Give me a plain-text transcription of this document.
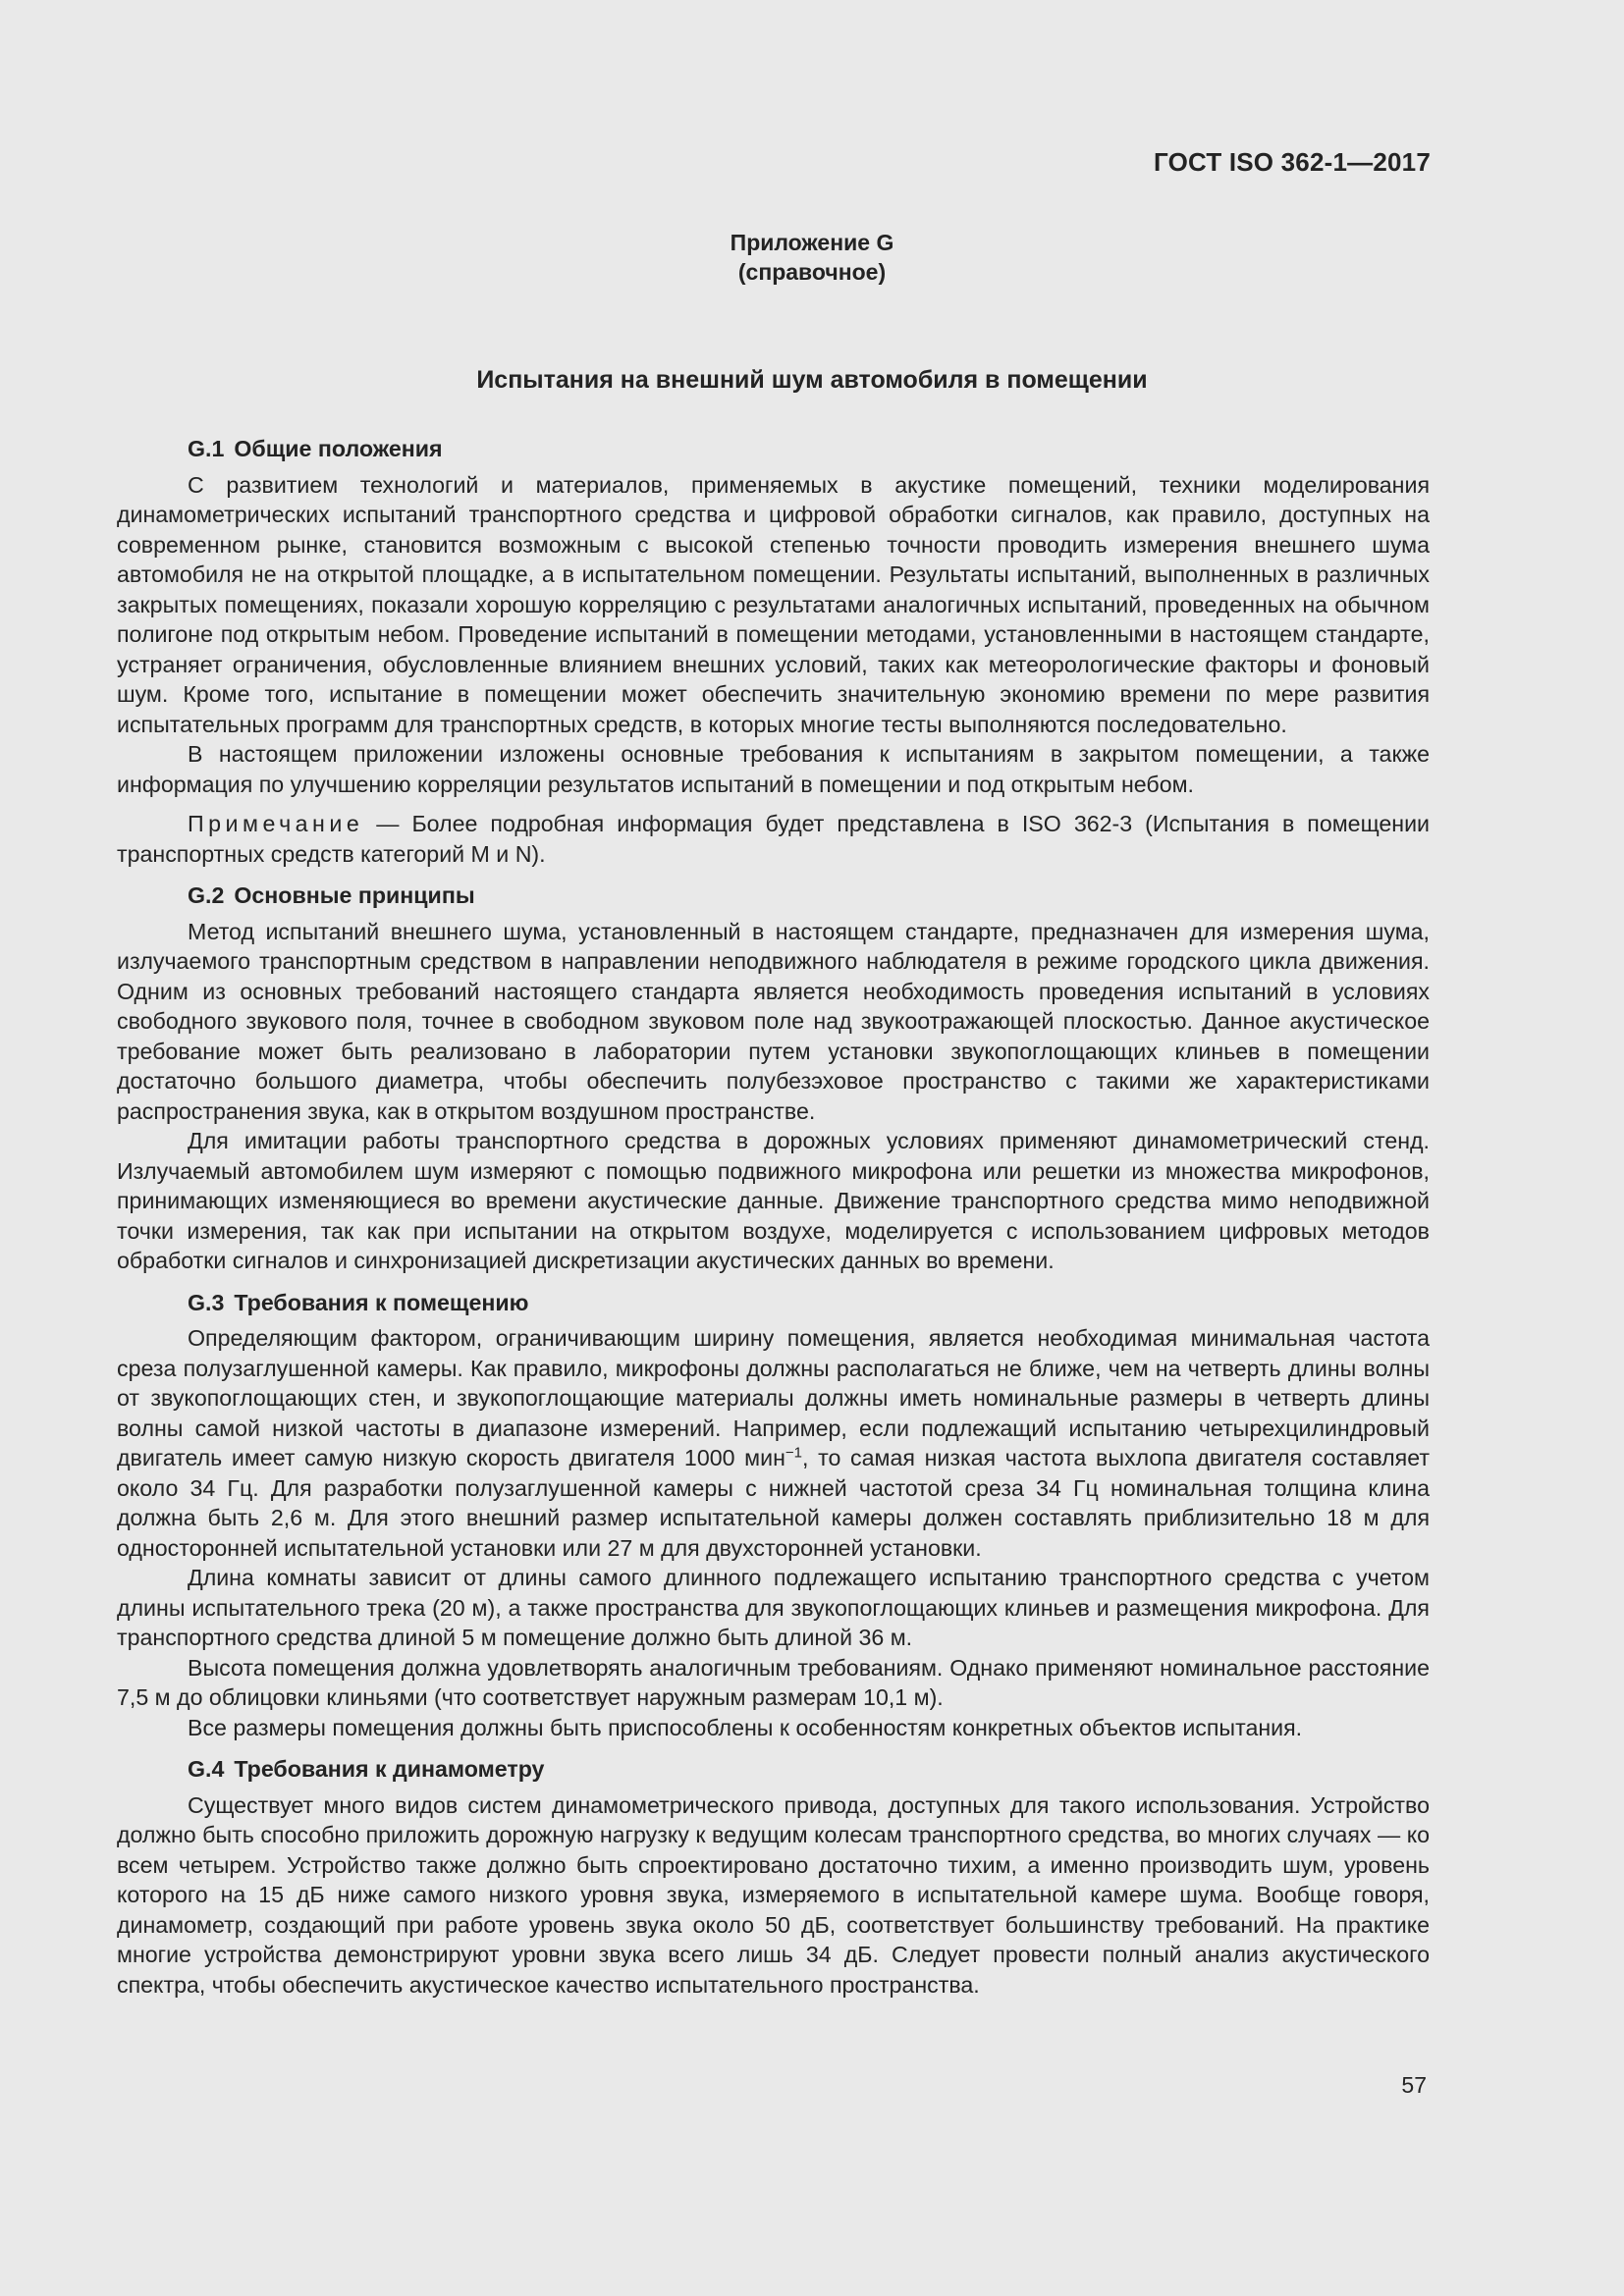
ГОСТ ISO 362-1—2017
Приложение G
(справочное)
Испытания на внешний шум автомобиля в помещении
G.1 Общие положения

С развитием технологий и материалов, применяемых в акустике помещений, техники моделирования динамометрических испытаний транспортного средства и цифровой обработки сигналов, как правило, доступных на современном рынке, становится возможным с высокой степенью точности проводить измерения внешнего шума автомобиля не на открытой площадке, а в испытательном помещении. Результаты испытаний, выполненных в различных закрытых помещениях, показали хорошую корреляцию с результатами аналогичных испытаний, проведенных на обычном полигоне под открытым небом. Проведение испытаний в помещении методами, установленными в настоящем стандарте, устраняет ограничения, обусловленные влиянием внешних условий, таких как метеорологические факторы и фоновый шум. Кроме того, испытание в помещении может обеспечить значительную экономию времени по мере развития испытательных программ для транспортных средств, в которых многие тесты выполняются последовательно.

В настоящем приложении изложены основные требования к испытаниям в закрытом помещении, а также информация по улучшению корреляции результатов испытаний в помещении и под открытым небом.

Примечание — Более подробная информация будет представлена в ISO 362-3 (Испытания в помещении транспортных средств категорий M и N).

G.2 Основные принципы

Метод испытаний внешнего шума, установленный в настоящем стандарте, предназначен для измерения шума, излучаемого транспортным средством в направлении неподвижного наблюдателя в режиме городского цикла движения. Одним из основных требований настоящего стандарта является необходимость проведения испытаний в условиях свободного звукового поля, точнее в свободном звуковом поле над звукоотражающей плоскостью. Данное акустическое требование может быть реализовано в лаборатории путем установки звукопоглощающих клиньев в помещении достаточно большого диаметра, чтобы обеспечить полубезэховое пространство с такими же характеристиками распространения звука, как в открытом воздушном пространстве.

Для имитации работы транспортного средства в дорожных условиях применяют динамометрический стенд. Излучаемый автомобилем шум измеряют с помощью подвижного микрофона или решетки из множества микрофонов, принимающих изменяющиеся во времени акустические данные. Движение транспортного средства мимо неподвижной точки измерения, так как при испытании на открытом воздухе, моделируется с использованием цифровых методов обработки сигналов и синхронизацией дискретизации акустических данных во времени.

G.3 Требования к помещению

Определяющим фактором, ограничивающим ширину помещения, является необходимая минимальная частота среза полузаглушенной камеры. Как правило, микрофоны должны располагаться не ближе, чем на четверть длины волны от звукопоглощающих стен, и звукопоглощающие материалы должны иметь номинальные размеры в четверть длины волны самой низкой частоты в диапазоне измерений. Например, если подлежащий испытанию четырехцилиндровый двигатель имеет самую низкую скорость двигателя 1000 мин$^{-1}$, то самая низкая частота выхлопа двигателя составляет около 34 Гц. Для разработки полузаглушенной камеры с нижней частотой среза 34 Гц номинальная толщина клина должна быть 2,6 м. Для этого внешний размер испытательной камеры должен составлять приблизительно 18 м для односторонней испытательной установки или 27 м для двухсторонней установки.

Длина комнаты зависит от длины самого длинного подлежащего испытанию транспортного средства с учетом длины испытательного трека (20 м), а также пространства для звукопоглощающих клиньев и размещения микрофона. Для транспортного средства длиной 5 м помещение должно быть длиной 36 м.

Высота помещения должна удовлетворять аналогичным требованиям. Однако применяют номинальное расстояние 7,5 м до облицовки клиньями (что соответствует наружным размерам 10,1 м).

Все размеры помещения должны быть приспособлены к особенностям конкретных объектов испытания.

G.4 Требования к динамометру

Существует много видов систем динамометрического привода, доступных для такого использования. Устройство должно быть способно приложить дорожную нагрузку к ведущим колесам транспортного средства, во многих случаях — ко всем четырем. Устройство также должно быть спроектировано достаточно тихим, а именно производить шум, уровень которого на 15 дБ ниже самого низкого уровня звука, измеряемого в испытательной камере шума. Вообще говоря, динамометр, создающий при работе уровень звука около 50 дБ, соответствует большинству требований. На практике многие устройства демонстрируют уровни звука всего лишь 34 дБ. Следует провести полный анализ акустического спектра, чтобы обеспечить акустическое качество испытательного пространства.

57
